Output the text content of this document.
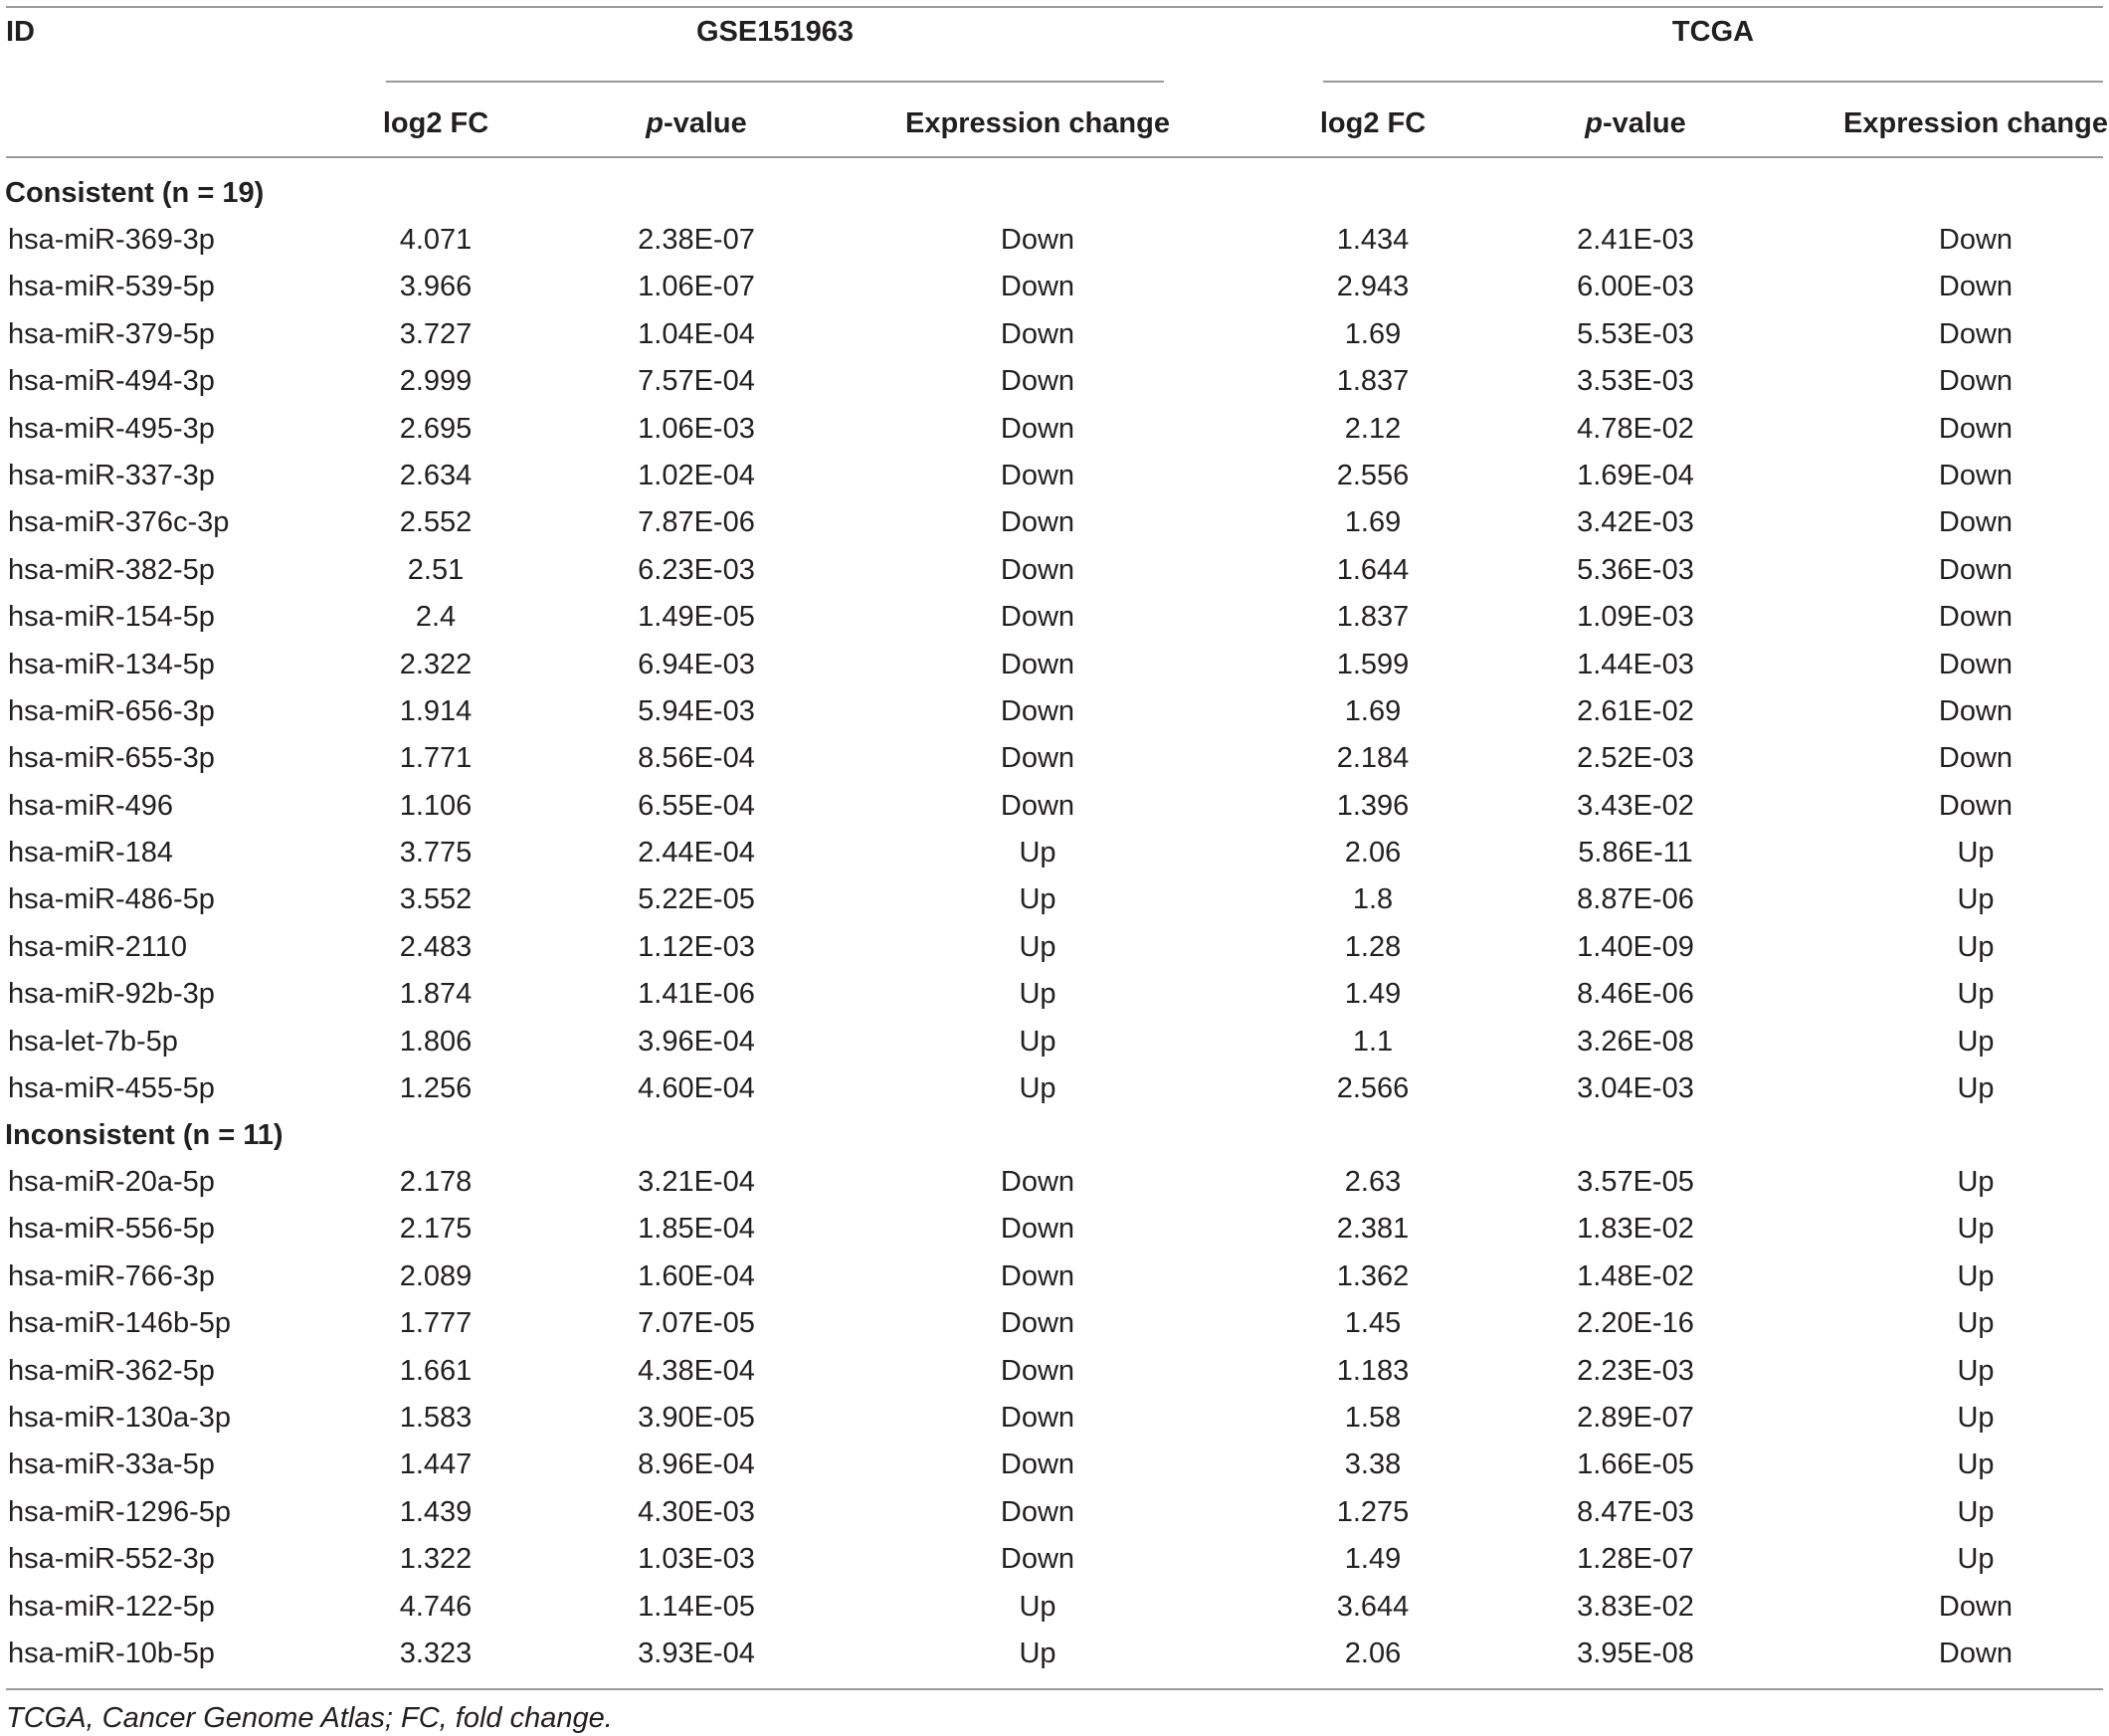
ID	GSE151963	TCGA
log2 FC	p-value	Expression change	log2 FC	p-value	Expression change
Consistent (n = 19)
hsa-miR-369-3p	4.071	2.38E-07	Down	1.434	2.41E-03	Down
hsa-miR-539-5p	3.966	1.06E-07	Down	2.943	6.00E-03	Down
hsa-miR-379-5p	3.727	1.04E-04	Down	1.69	5.53E-03	Down
hsa-miR-494-3p	2.999	7.57E-04	Down	1.837	3.53E-03	Down
hsa-miR-495-3p	2.695	1.06E-03	Down	2.12	4.78E-02	Down
hsa-miR-337-3p	2.634	1.02E-04	Down	2.556	1.69E-04	Down
hsa-miR-376c-3p	2.552	7.87E-06	Down	1.69	3.42E-03	Down
hsa-miR-382-5p	2.51	6.23E-03	Down	1.644	5.36E-03	Down
hsa-miR-154-5p	2.4	1.49E-05	Down	1.837	1.09E-03	Down
hsa-miR-134-5p	2.322	6.94E-03	Down	1.599	1.44E-03	Down
hsa-miR-656-3p	1.914	5.94E-03	Down	1.69	2.61E-02	Down
hsa-miR-655-3p	1.771	8.56E-04	Down	2.184	2.52E-03	Down
hsa-miR-496	1.106	6.55E-04	Down	1.396	3.43E-02	Down
hsa-miR-184	3.775	2.44E-04	Up	2.06	5.86E-11	Up
hsa-miR-486-5p	3.552	5.22E-05	Up	1.8	8.87E-06	Up
hsa-miR-2110	2.483	1.12E-03	Up	1.28	1.40E-09	Up
hsa-miR-92b-3p	1.874	1.41E-06	Up	1.49	8.46E-06	Up
hsa-let-7b-5p	1.806	3.96E-04	Up	1.1	3.26E-08	Up
hsa-miR-455-5p	1.256	4.60E-04	Up	2.566	3.04E-03	Up
Inconsistent (n = 11)
hsa-miR-20a-5p	2.178	3.21E-04	Down	2.63	3.57E-05	Up
hsa-miR-556-5p	2.175	1.85E-04	Down	2.381	1.83E-02	Up
hsa-miR-766-3p	2.089	1.60E-04	Down	1.362	1.48E-02	Up
hsa-miR-146b-5p	1.777	7.07E-05	Down	1.45	2.20E-16	Up
hsa-miR-362-5p	1.661	4.38E-04	Down	1.183	2.23E-03	Up
hsa-miR-130a-3p	1.583	3.90E-05	Down	1.58	2.89E-07	Up
hsa-miR-33a-5p	1.447	8.96E-04	Down	3.38	1.66E-05	Up
hsa-miR-1296-5p	1.439	4.30E-03	Down	1.275	8.47E-03	Up
hsa-miR-552-3p	1.322	1.03E-03	Down	1.49	1.28E-07	Up
hsa-miR-122-5p	4.746	1.14E-05	Up	3.644	3.83E-02	Down
hsa-miR-10b-5p	3.323	3.93E-04	Up	2.06	3.95E-08	Down
TCGA, Cancer Genome Atlas; FC, fold change.
